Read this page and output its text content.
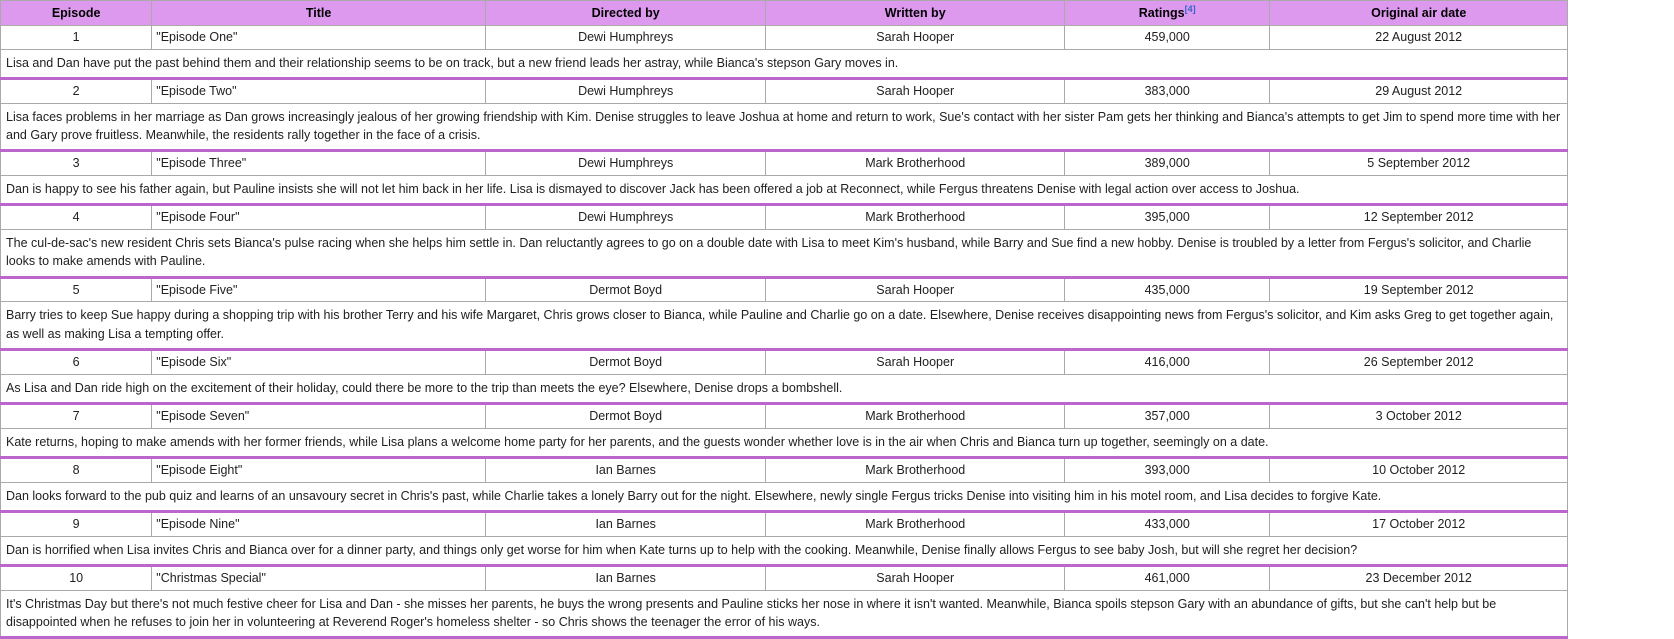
Episode	Title	Directed by	Written by	Ratings[4]	Original air date
1	"Episode One"	Dewi Humphreys	Sarah Hooper	459,000	22 August 2012
Lisa and Dan have put the past behind them and their relationship seems to be on track, but a new friend leads her astray, while Bianca's stepson Gary moves in.					
2	"Episode Two"	Dewi Humphreys	Sarah Hooper	383,000	29 August 2012
Lisa faces problems in her marriage as Dan grows increasingly jealous of her growing friendship with Kim. Denise struggles to leave Joshua at home and return to work, Sue's contact with her sister Pam gets her thinking and Bianca's attempts to get Jim to spend more time with her and Gary prove fruitless. Meanwhile, the residents rally together in the face of a crisis.					
3	"Episode Three"	Dewi Humphreys	Mark Brotherhood	389,000	5 September 2012
Dan is happy to see his father again, but Pauline insists she will not let him back in her life. Lisa is dismayed to discover Jack has been offered a job at Reconnect, while Fergus threatens Denise with legal action over access to Joshua.					
4	"Episode Four"	Dewi Humphreys	Mark Brotherhood	395,000	12 September 2012
The cul-de-sac's new resident Chris sets Bianca's pulse racing when she helps him settle in. Dan reluctantly agrees to go on a double date with Lisa to meet Kim's husband, while Barry and Sue find a new hobby. Denise is troubled by a letter from Fergus's solicitor, and Charlie looks to make amends with Pauline.					
5	"Episode Five"	Dermot Boyd	Sarah Hooper	435,000	19 September 2012
Barry tries to keep Sue happy during a shopping trip with his brother Terry and his wife Margaret, Chris grows closer to Bianca, while Pauline and Charlie go on a date. Elsewhere, Denise receives disappointing news from Fergus's solicitor, and Kim asks Greg to get together again, as well as making Lisa a tempting offer.					
6	"Episode Six"	Dermot Boyd	Sarah Hooper	416,000	26 September 2012
As Lisa and Dan ride high on the excitement of their holiday, could there be more to the trip than meets the eye? Elsewhere, Denise drops a bombshell.					
7	"Episode Seven"	Dermot Boyd	Mark Brotherhood	357,000	3 October 2012
Kate returns, hoping to make amends with her former friends, while Lisa plans a welcome home party for her parents, and the guests wonder whether love is in the air when Chris and Bianca turn up together, seemingly on a date.					
8	"Episode Eight"	Ian Barnes	Mark Brotherhood	393,000	10 October 2012
Dan looks forward to the pub quiz and learns of an unsavoury secret in Chris's past, while Charlie takes a lonely Barry out for the night. Elsewhere, newly single Fergus tricks Denise into visiting him in his motel room, and Lisa decides to forgive Kate.					
9	"Episode Nine"	Ian Barnes	Mark Brotherhood	433,000	17 October 2012
Dan is horrified when Lisa invites Chris and Bianca over for a dinner party, and things only get worse for him when Kate turns up to help with the cooking. Meanwhile, Denise finally allows Fergus to see baby Josh, but will she regret her decision?					
10	"Christmas Special"	Ian Barnes	Sarah Hooper	461,000	23 December 2012
It's Christmas Day but there's not much festive cheer for Lisa and Dan - she misses her parents, he buys the wrong presents and Pauline sticks her nose in where it isn't wanted. Meanwhile, Bianca spoils stepson Gary with an abundance of gifts, but she can't help but be disappointed when he refuses to join her in volunteering at Reverend Roger's homeless shelter - so Chris shows the teenager the error of his ways.					
